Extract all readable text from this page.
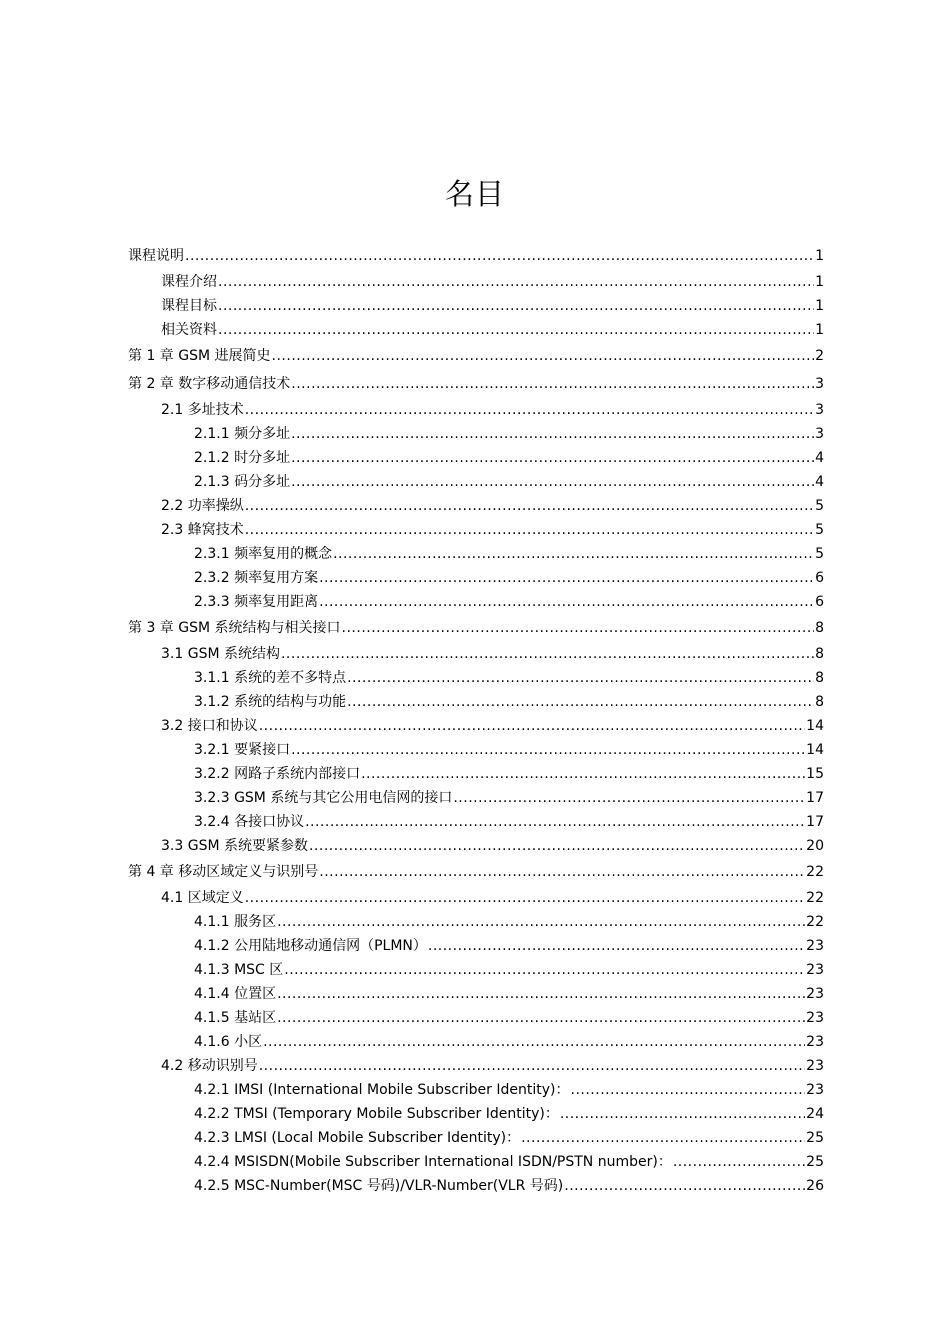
名目
课程说明 .....	1
课程介绍 .....	1
课程目标 .....	1
相关资料 .....	1
第 1 章 GSM 进展简史 .....	2
第 2 章 数字移动通信技术 .....	3
2.1 多址技术 .....	3
2.1.1 频分多址 .....	3
2.1.2 时分多址 .....	4
2.1.3 码分多址 .....	4
2.2 功率操纵 .....	5
2.3 蜂窝技术 .....	5
2.3.1 频率复用的概念 .....	5
2.3.2 频率复用方案 .....	6
2.3.3 频率复用距离 .....	6
第 3 章 GSM 系统结构与相关接口 .....	8
3.1 GSM 系统结构 .....	8
3.1.1 系统的差不多特点 .....	8
3.1.2 系统的结构与功能 .....	8
3.2 接口和协议 .....	14
3.2.1 要紧接口 .....	14
3.2.2 网路子系统内部接口 .....	15
3.2.3 GSM 系统与其它公用电信网的接口 .....	17
3.2.4 各接口协议 .....	17
3.3 GSM 系统要紧参数 .....	20
第 4 章 移动区域定义与识别号 .....	22
4.1 区域定义 .....	22
4.1.1 服务区 .....	22
4.1.2 公用陆地移动通信网（PLMN） .....	23
4.1.3 MSC 区 .....	23
4.1.4 位置区 .....	23
4.1.5 基站区 .....	23
4.1.6 小区 .....	23
4.2 移动识别号 .....	23
4.2.1 IMSI (International Mobile Subscriber Identity)： .....	23
4.2.2 TMSI (Temporary Mobile Subscriber Identity)： .....	24
4.2.3 LMSI (Local Mobile Subscriber Identity)： .....	25
4.2.4 MSISDN(Mobile Subscriber International ISDN/PSTN number)： .....	25
4.2.5 MSC-Number(MSC 号码)/VLR-Number(VLR 号码) .....	26
